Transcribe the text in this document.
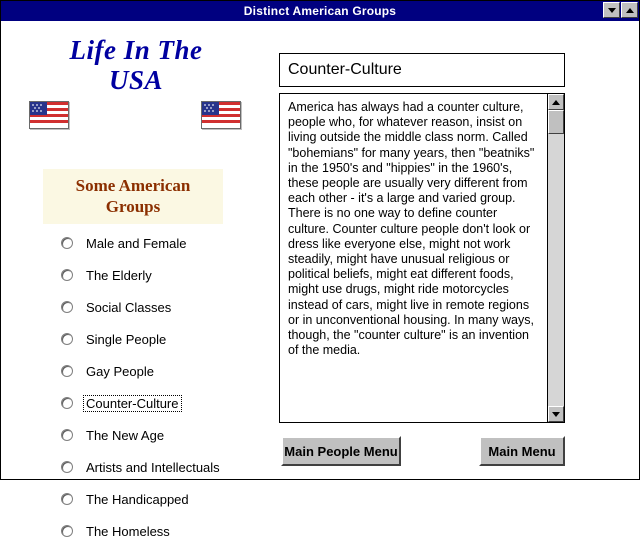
Distinct American Groups
Life In The
USA
Some American Groups
Male and Female
The Elderly
Social Classes
Single People
Gay People
Counter-Culture
The New Age
Artists and Intellectuals
The Handicapped
The Homeless
Counter-Culture
America has always had a counter culture, people who, for whatever reason, insist on living outside the middle class norm. Called "bohemians" for many years, then "beatniks" in the 1950's and "hippies" in the 1960's, these people are usually very different from each other - it's a large and varied group. There is no one way to define counter culture. Counter culture people don't look or dress like everyone else, might not work steadily, might have unusual religious or political beliefs, might eat different foods, might use drugs, might ride motorcycles instead of cars, might live in remote regions or in unconventional housing. In many ways, though, the "counter culture" is an invention of the media.
Main People Menu	Main Menu
